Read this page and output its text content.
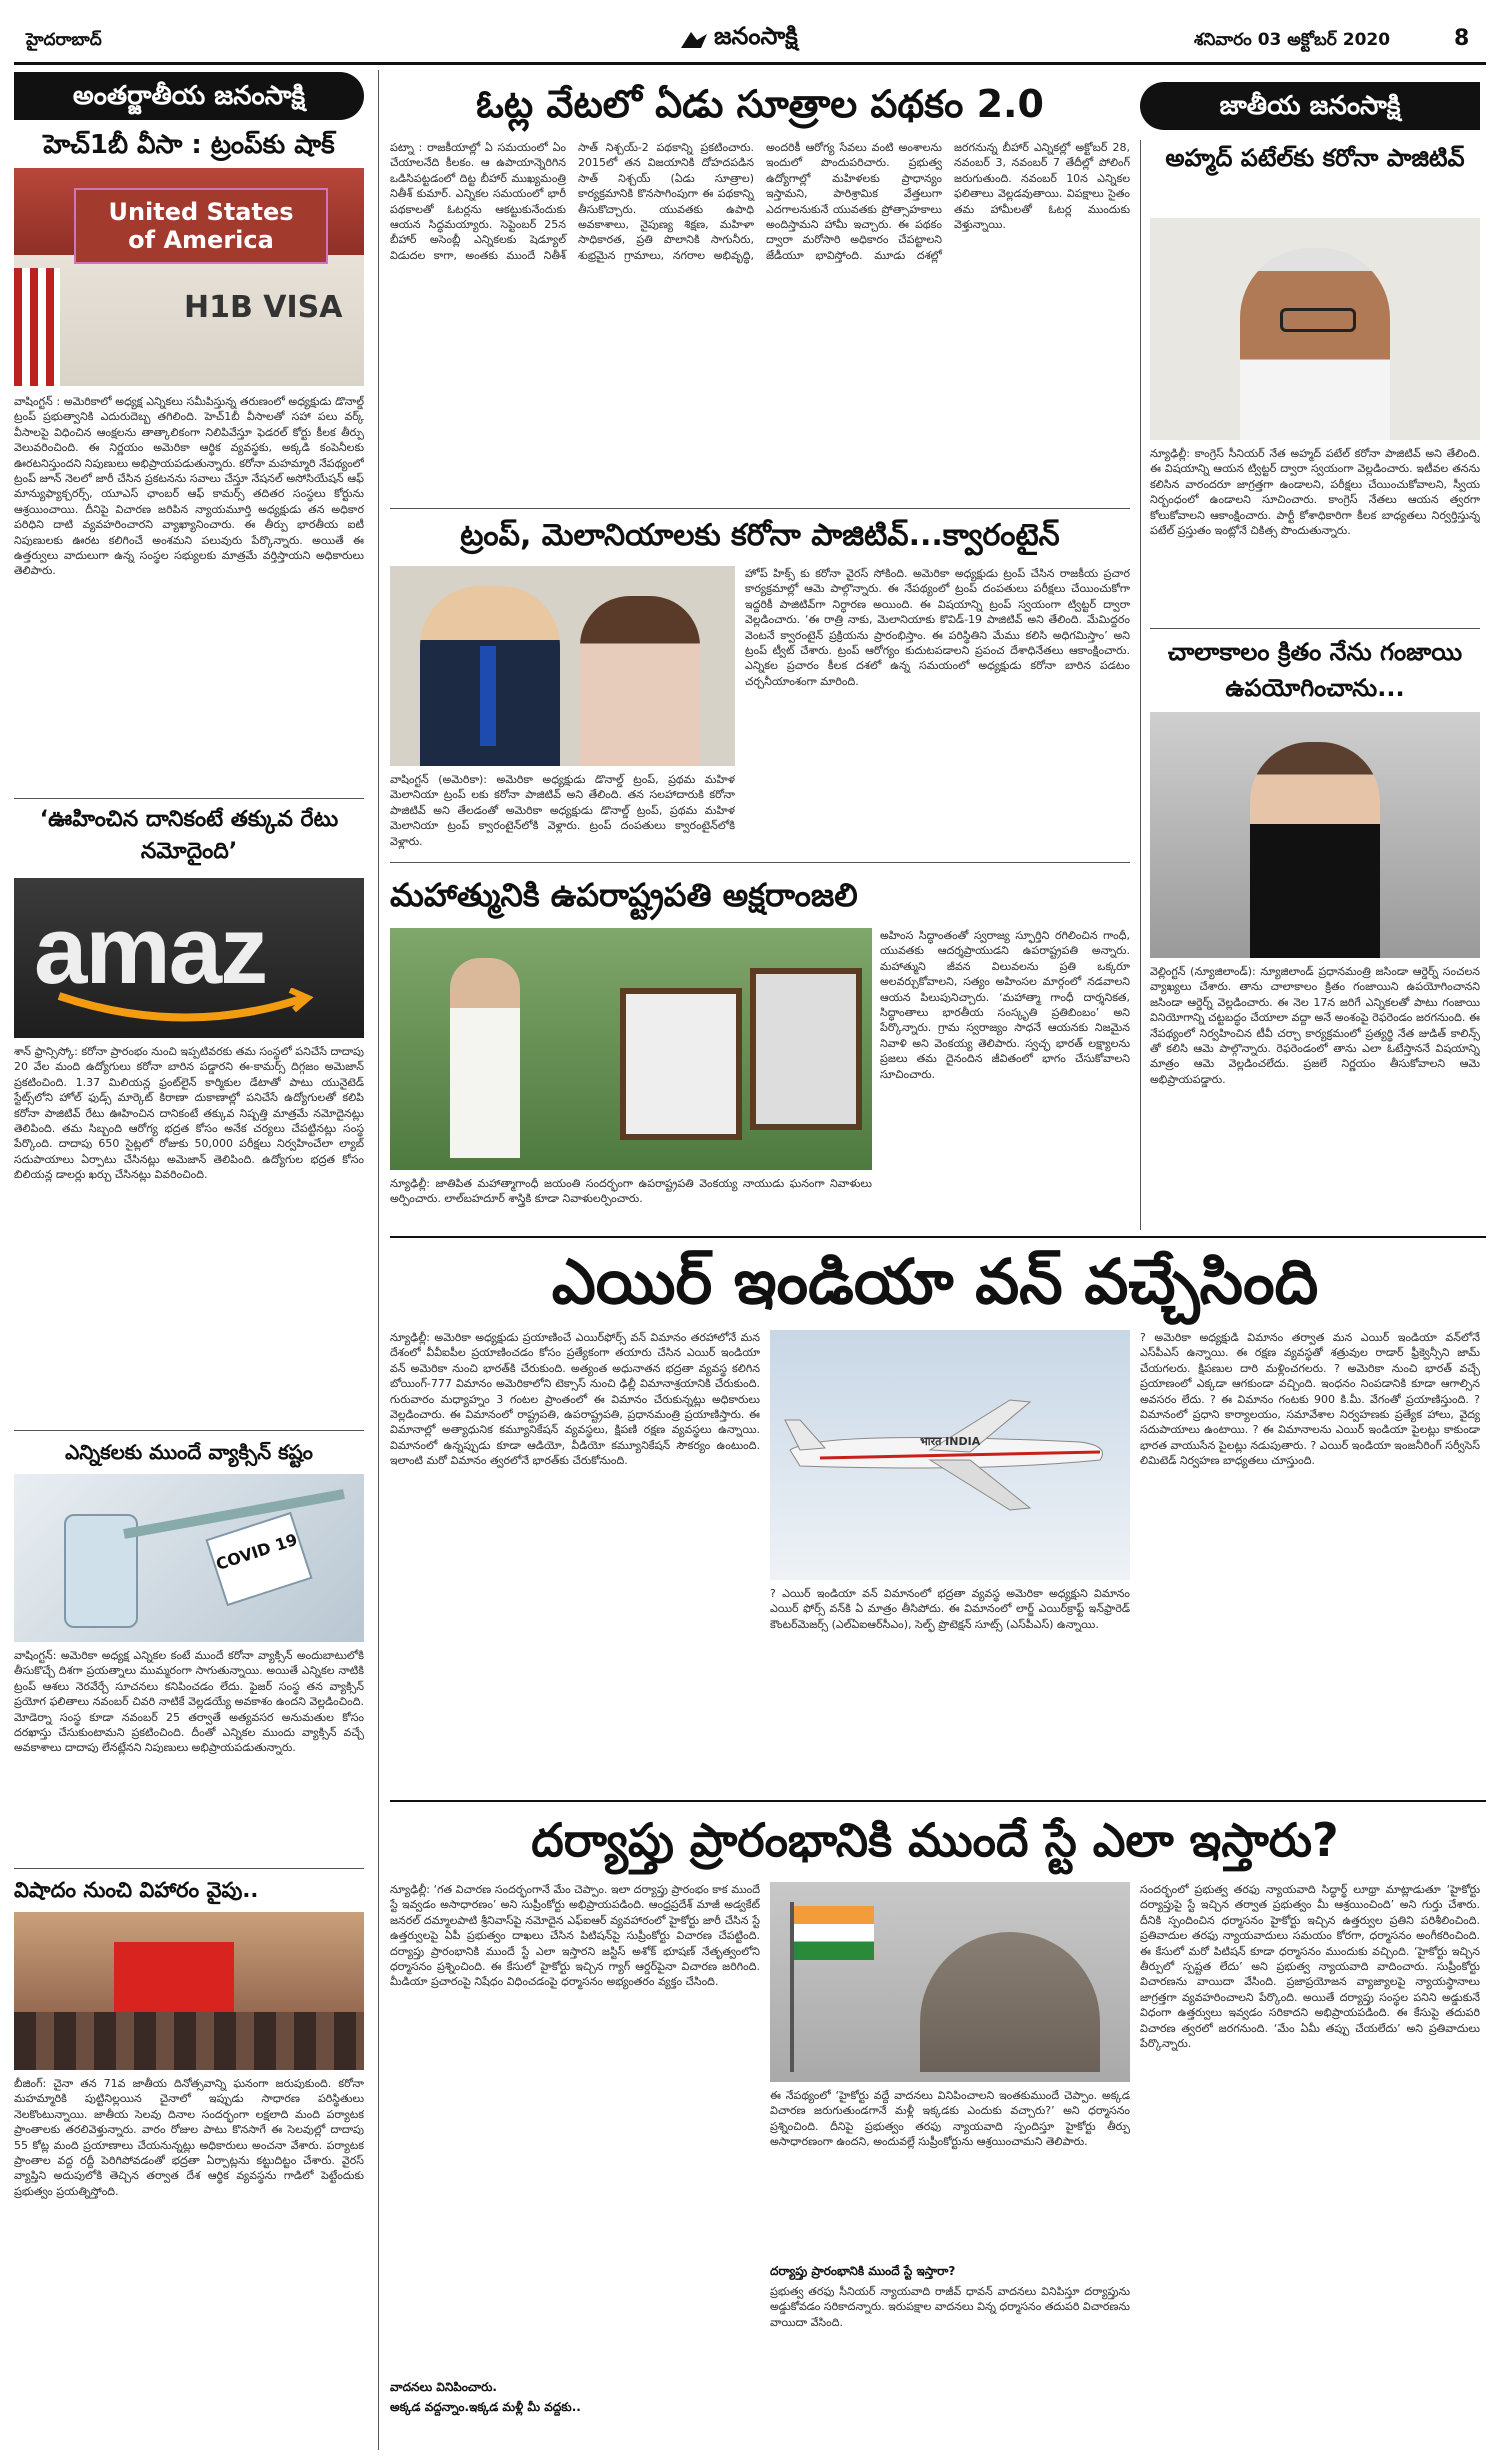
హైదరాబాద్	జనంసాక్షి	శనివారం 03 అక్టోబర్ 2020	8
అంతర్జాతీయ జనంసాక్షి	జాతీయ జనంసాక్షి
హెచ్1బీ వీసా : ట్రంప్‌కు షాక్
United States
of America
H1B VISA
వాషింగ్టన్‌ : అమెరికాలో అధ్యక్ష ఎన్నికలు సమీపిస్తున్న తరుణంలో అధ్యక్షుడు డొనాల్డ్‌ ట్రంప్‌ ప్రభుత్వానికి ఎదురుదెబ్బ తగిలింది. హెచ్‌1బీ వీసాలతో సహా పలు వర్క్‌ వీసాలపై విధించిన ఆంక్షలను తాత్కాలికంగా నిలిపివేస్తూ ఫెడరల్‌ కోర్టు కీలక తీర్పు వెలువరించింది. ఈ నిర్ణయం అమెరికా ఆర్థిక వ్యవస్థకు, అక్కడి కంపెనీలకు ఊరటనిస్తుందని నిపుణులు అభిప్రాయపడుతున్నారు. కరోనా మహమ్మారి నేపథ్యంలో ట్రంప్‌ జూన్‌ నెలలో జారీ చేసిన ప్రకటనను సవాలు చేస్తూ నేషనల్‌ అసోసియేషన్‌ ఆఫ్‌ మాన్యుఫ్యాక్చరర్స్‌, యూఎస్‌ ఛాంబర్‌ ఆఫ్‌ కామర్స్‌ తదితర సంస్థలు కోర్టును ఆశ్రయించాయి. దీనిపై విచారణ జరిపిన న్యాయమూర్తి అధ్యక్షుడు తన అధికార పరిధిని దాటి వ్యవహరించారని వ్యాఖ్యానించారు. ఈ తీర్పు భారతీయ ఐటీ నిపుణులకు ఊరట కలిగించే అంశమని పలువురు పేర్కొన్నారు. అయితే ఈ ఉత్తర్వులు వాదులుగా ఉన్న సంస్థల సభ్యులకు మాత్రమే వర్తిస్తాయని అధికారులు తెలిపారు.
‘ఊహించిన దానికంటే తక్కువ రేటు నమోదైంది’
amaz
శాన్‌ ఫ్రాన్సిస్కో: కరోనా ప్రారంభం నుంచి ఇప్పటివరకు తమ సంస్థలో పనిచేసే దాదాపు 20 వేల మంది ఉద్యోగులు కరోనా బారిన పడ్డారని ఈ-కామర్స్‌ దిగ్గజం అమెజాన్‌ ప్రకటించింది. 1.37 మిలియన్ల ఫ్రంట్‌లైన్‌ కార్మికుల డేటాతో పాటు యునైటెడ్‌ స్టేట్స్‌లోని హోల్‌ ఫుడ్స్‌ మార్కెట్‌ కిరాణా దుకాణాల్లో పనిచేసే ఉద్యోగులతో కలిపి కరోనా పాజిటివ్‌ రేటు ఊహించిన దానికంటే తక్కువ నిష్పత్తి మాత్రమే నమోదైనట్లు తెలిపింది. తమ సిబ్బంది ఆరోగ్య భద్రత కోసం అనేక చర్యలు చేపట్టినట్లు సంస్థ పేర్కొంది. దాదాపు 650 సైట్లలో రోజుకు 50,000 పరీక్షలు నిర్వహించేలా ల్యాబ్‌ సదుపాయాలు ఏర్పాటు చేసినట్లు అమెజాన్‌ తెలిపింది. ఉద్యోగుల భద్రత కోసం బిలియన్ల డాలర్లు ఖర్చు చేసినట్లు వివరించింది.
ఎన్నికలకు ముందే వ్యాక్సిన్‌ కష్టం
COVID 19
వాషింగ్టన్‌: అమెరికా అధ్యక్ష ఎన్నికల కంటే ముందే కరోనా వ్యాక్సిన్‌ అందుబాటులోకి తీసుకొచ్చే దిశగా ప్రయత్నాలు ముమ్మరంగా సాగుతున్నాయి. అయితే ఎన్నికల నాటికి ట్రంప్‌ ఆశలు నెరవేర్చే సూచనలు కనిపించడం లేదు. ఫైజర్‌ సంస్థ తన వ్యాక్సిన్‌ ప్రయోగ ఫలితాలు నవంబర్‌ చివరి నాటికే వెల్లడయ్యే అవకాశం ఉందని వెల్లడించింది. మోడెర్నా సంస్థ కూడా నవంబర్‌ 25 తర్వాతే అత్యవసర అనుమతుల కోసం దరఖాస్తు చేసుకుంటామని ప్రకటించింది. దీంతో ఎన్నికల ముందు వ్యాక్సిన్‌ వచ్చే అవకాశాలు దాదాపు లేనట్లేనని నిపుణులు అభిప్రాయపడుతున్నారు.
విషాదం నుంచి విహారం వైపు..
బీజింగ్‌: చైనా తన 71వ జాతీయ దినోత్సవాన్ని ఘనంగా జరుపుకుంది. కరోనా మహమ్మారికి పుట్టినిల్లయిన చైనాలో ఇప్పుడు సాధారణ పరిస్థితులు నెలకొంటున్నాయి. జాతీయ సెలవు దినాల సందర్భంగా లక్షలాది మంది పర్యాటక ప్రాంతాలకు తరలివెళ్తున్నారు. వారం రోజుల పాటు కొనసాగే ఈ సెలవుల్లో దాదాపు 55 కోట్ల మంది ప్రయాణాలు చేయనున్నట్లు అధికారులు అంచనా వేశారు. పర్యాటక ప్రాంతాల వద్ద రద్దీ పెరిగిపోవడంతో భద్రతా ఏర్పాట్లను కట్టుదిట్టం చేశారు. వైరస్‌ వ్యాప్తిని అదుపులోకి తెచ్చిన తర్వాత దేశ ఆర్థిక వ్యవస్థను గాడిలో పెట్టేందుకు ప్రభుత్వం ప్రయత్నిస్తోంది.
ఓట్ల వేటలో ఏడు సూత్రాల పథకం 2.0
పట్నా : రాజకీయాల్లో ఏ సమయంలో ఏం చేయాలనేది కీలకం. ఆ ఉపాయాన్నెరిగిన ఒడిసిపట్టడంలో దిట్ట బీహార్‌ ముఖ్యమంత్రి నితీశ్‌ కుమార్‌. ఎన్నికల సమయంలో భారీ పథకాలతో ఓటర్లను ఆకట్టుకునేందుకు ఆయన సిద్ధమయ్యారు. సెప్టెంబర్‌ 25న బీహార్‌ అసెంబ్లీ ఎన్నికలకు షెడ్యూల్‌ విడుదల కాగా, అంతకు ముందే నితీశ్‌ సాత్‌ నిశ్చయ్‌-2 పథకాన్ని ప్రకటించారు. 2015లో తన విజయానికి దోహదపడిన సాత్‌ నిశ్చయ్‌ (ఏడు సూత్రాల) కార్యక్రమానికి కొనసాగింపుగా ఈ పథకాన్ని తీసుకొచ్చారు. యువతకు ఉపాధి అవకాశాలు, నైపుణ్య శిక్షణ, మహిళా సాధికారత, ప్రతి పొలానికి సాగునీరు, శుభ్రమైన గ్రామాలు, నగరాల అభివృద్ధి, అందరికీ ఆరోగ్య సేవలు వంటి అంశాలను ఇందులో పొందుపరిచారు. ప్రభుత్వ ఉద్యోగాల్లో మహిళలకు ప్రాధాన్యం ఇస్తామని, పారిశ్రామిక వేత్తలుగా ఎదగాలనుకునే యువతకు ప్రోత్సాహకాలు అందిస్తామని హామీ ఇచ్చారు. ఈ పథకం ద్వారా మరోసారి అధికారం చేపట్టాలని జేడీయూ భావిస్తోంది. మూడు దశల్లో జరగనున్న బీహార్‌ ఎన్నికల్లో అక్టోబర్‌ 28, నవంబర్‌ 3, నవంబర్‌ 7 తేదీల్లో పోలింగ్‌ జరుగుతుంది. నవంబర్‌ 10న ఎన్నికల ఫలితాలు వెల్లడవుతాయి. విపక్షాలు సైతం తమ హామీలతో ఓటర్ల ముందుకు వెళ్తున్నాయి.
ట్రంప్‌, మెలానియాలకు కరోనా పాజిటివ్‌...క్వారంటైన్‌
హోప్‌ హిక్స్‌ కు కరోనా వైరస్‌ సోకింది. అమెరికా అధ్యక్షుడు ట్రంప్‌ చేసిన రాజకీయ ప్రచార కార్యక్రమాల్లో ఆమె పాల్గొన్నారు. ఈ నేపథ్యంలో ట్రంప్‌ దంపతులు పరీక్షలు చేయించుకోగా ఇద్దరికీ పాజిటివ్‌గా నిర్ధారణ అయింది. ఈ విషయాన్ని ట్రంప్‌ స్వయంగా ట్విట్టర్‌ ద్వారా వెల్లడించారు. ‘ఈ రాత్రి నాకు, మెలానియాకు కొవిడ్‌-19 పాజిటివ్‌ అని తేలింది. మేమిద్దరం వెంటనే క్వారంటైన్‌ ప్రక్రియను ప్రారంభిస్తాం. ఈ పరిస్థితిని మేము కలిసి అధిగమిస్తాం’ అని ట్రంప్‌ ట్వీట్‌ చేశారు. ట్రంప్‌ ఆరోగ్యం కుదుటపడాలని ప్రపంచ దేశాధినేతలు ఆకాంక్షించారు. ఎన్నికల ప్రచారం కీలక దశలో ఉన్న సమయంలో అధ్యక్షుడు కరోనా బారిన పడటం చర్చనీయాంశంగా మారింది.
వాషింగ్టన్‌ (అమెరికా): అమెరికా అధ్యక్షుడు డొనాల్డ్‌ ట్రంప్‌, ప్రథమ మహిళ మెలానియా ట్రంప్‌ లకు కరోనా పాజిటివ్‌ అని తేలింది. తన సలహాదారుకి కరోనా పాజిటివ్‌ అని తేలడంతో అమెరికా అధ్యక్షుడు డొనాల్డ్‌ ట్రంప్‌, ప్రథమ మహిళ మెలానియా ట్రంప్‌ క్వారంటైన్‌లోకి వెళ్లారు. ట్రంప్‌ దంపతులు క్వారంటైన్‌లోకి వెళ్లారు.
మహాత్మునికి ఉపరాష్ట్రపతి అక్షరాంజలి
న్యూఢిల్లీ: జాతిపిత మహాత్మాగాంధీ జయంతి సందర్భంగా ఉపరాష్ట్రపతి వెంకయ్య నాయుడు ఘనంగా నివాళులు అర్పించారు. లాల్‌బహదూర్‌ శాస్త్రికి కూడా నివాళులర్పించారు.
అహింస సిద్ధాంతంతో స్వరాజ్య స్ఫూర్తిని రగిలించిన గాంధీ, యువతకు ఆదర్శప్రాయుడని ఉపరాష్ట్రపతి అన్నారు. మహాత్ముని జీవన విలువలను ప్రతి ఒక్కరూ అలవర్చుకోవాలని, సత్యం అహింసల మార్గంలో నడవాలని ఆయన పిలుపునిచ్చారు. ‘మహాత్మా గాంధీ దార్శనికత, సిద్ధాంతాలు భారతీయ సంస్కృతి ప్రతిబింబం’ అని పేర్కొన్నారు. గ్రామ స్వరాజ్యం సాధనే ఆయనకు నిజమైన నివాళి అని వెంకయ్య తెలిపారు. స్వచ్ఛ భారత్‌ లక్ష్యాలను ప్రజలు తమ దైనందిన జీవితంలో భాగం చేసుకోవాలని సూచించారు.
అహ్మద్‌ పటేల్‌కు కరోనా పాజిటివ్‌
న్యూఢిల్లీ: కాంగ్రెస్‌ సీనియర్‌ నేత అహ్మద్‌ పటేల్‌ కరోనా పాజిటివ్‌ అని తేలింది. ఈ విషయాన్ని ఆయన ట్విట్టర్‌ ద్వారా స్వయంగా వెల్లడించారు. ఇటీవల తనను కలిసిన వారందరూ జాగ్రత్తగా ఉండాలని, పరీక్షలు చేయించుకోవాలని, స్వీయ నిర్బంధంలో ఉండాలని సూచించారు. కాంగ్రెస్‌ నేతలు ఆయన త్వరగా కోలుకోవాలని ఆకాంక్షించారు. పార్టీ కోశాధికారిగా కీలక బాధ్యతలు నిర్వర్తిస్తున్న పటేల్‌ ప్రస్తుతం ఇంట్లోనే చికిత్స పొందుతున్నారు.
చాలాకాలం క్రితం నేను గంజాయి ఉపయోగించాను...
వెల్లింగ్టన్‌ (న్యూజిలాండ్‌): న్యూజిలాండ్‌ ప్రధానమంత్రి జసిండా ఆర్డెర్న్‌ సంచలన వ్యాఖ్యలు చేశారు. తాను చాలాకాలం క్రితం గంజాయిని ఉపయోగించానని జసిండా ఆర్డెర్న్‌ వెల్లడించారు. ఈ నెల 17న జరిగే ఎన్నికలతో పాటు గంజాయి వినియోగాన్ని చట్టబద్ధం చేయాలా వద్దా అనే అంశంపై రెఫరెండం జరగనుంది. ఈ నేపథ్యంలో నిర్వహించిన టీవీ చర్చా కార్యక్రమంలో ప్రత్యర్థి నేత జుడిత్‌ కాలిన్స్‌ తో కలిసి ఆమె పాల్గొన్నారు. రెఫరెండంలో తాను ఎలా ఓటేస్తాననే విషయాన్ని మాత్రం ఆమె వెల్లడించలేదు. ప్రజలే నిర్ణయం తీసుకోవాలని ఆమె అభిప్రాయపడ్డారు.
ఎయిర్‌ ఇండియా వన్‌ వచ్చేసింది
న్యూఢిల్లీ: అమెరికా అధ్యక్షుడు ప్రయాణించే ఎయిర్‌ఫోర్స్‌ వన్‌ విమానం తరహాలోనే మన దేశంలో వీవీఐపీల ప్రయాణించడం కోసం ప్రత్యేకంగా తయారు చేసిన ఎయిర్‌ ఇండియా వన్‌ అమెరికా నుంచి భారత్‌కి చేరుకుంది. అత్యంత అధునాతన భద్రతా వ్యవస్థ కలిగిన బోయింగ్‌-777 విమానం అమెరికాలోని టెక్సాస్‌ నుంచి ఢిల్లీ విమానాశ్రయానికి చేరుకుంది. గురువారం మధ్యాహ్నం 3 గంటల ప్రాంతంలో ఈ విమానం చేరుకున్నట్లు అధికారులు వెల్లడించారు. ఈ విమానంలో రాష్ట్రపతి, ఉపరాష్ట్రపతి, ప్రధానమంత్రి ప్రయాణిస్తారు. ఈ విమానాల్లో అత్యాధునిక కమ్యూనికేషన్‌ వ్యవస్థలు, క్షిపణి రక్షణ వ్యవస్థలు ఉన్నాయి. విమానంలో ఉన్నప్పుడు కూడా ఆడియో, వీడియో కమ్యూనికేషన్‌ సౌకర్యం ఉంటుంది. ఇలాంటి మరో విమానం త్వరలోనే భారత్‌కు చేరుకోనుంది.
भारत INDIA
? ఎయిర్‌ ఇండియా వన్‌ విమానంలో భద్రతా వ్యవస్థ అమెరికా అధ్యక్షుని విమానం ఎయిర్‌ ఫోర్స్‌ వన్‌కి ఏ మాత్రం తీసిపోదు. ఈ విమానంలో లార్జ్‌ ఎయిర్‌క్రాఫ్ట్‌ ఇన్‌ఫ్రారెడ్‌ కౌంటర్‌మెజర్స్‌ (ఎల్‌ఏఐఆర్‌సీఎం), సెల్ఫ్‌ ప్రొటెక్షన్‌ సూట్స్‌ (ఎస్‌పీఎస్‌) ఉన్నాయి.
? అమెరికా అధ్యక్షుడి విమానం తర్వాత మన ఎయిర్‌ ఇండియా వన్‌లోనే ఎస్‌పీఎస్‌ ఉన్నాయి. ఈ రక్షణ వ్యవస్థతో శత్రువుల రాడార్‌ ఫ్రీక్వెన్సీని జామ్‌ చేయగలరు. క్షిపణుల దారి మళ్లించగలరు. ? అమెరికా నుంచి భారత్‌ వచ్చే ప్రయాణంలో ఎక్కడా ఆగకుండా వచ్చింది. ఇంధనం నింపడానికి కూడా ఆగాల్సిన అవసరం లేదు. ? ఈ విమానం గంటకు 900 కి.మీ. వేగంతో ప్రయాణిస్తుంది. ? విమానంలో ప్రధాని కార్యాలయం, సమావేశాల నిర్వహణకు ప్రత్యేక హాలు, వైద్య సదుపాయాలు ఉంటాయి. ? ఈ విమానాలను ఎయిర్‌ ఇండియా పైలట్లు కాకుండా భారత వాయుసేన పైలట్లు నడుపుతారు. ? ఎయిర్‌ ఇండియా ఇంజనీరింగ్‌ సర్వీసెస్‌ లిమిటెడ్‌ నిర్వహణ బాధ్యతలు చూస్తుంది.
దర్యాప్తు ప్రారంభానికి ముందే స్టే ఎలా ఇస్తారు?
న్యూఢిల్లీ: ‘గత విచారణ సందర్భంగానే మేం చెప్పాం. ఇలా దర్యాప్తు ప్రారంభం కాక ముందే స్టే ఇవ్వడం అసాధారణం’ అని సుప్రీంకోర్టు అభిప్రాయపడింది. ఆంధ్రప్రదేశ్‌ మాజీ అడ్వకేట్‌ జనరల్‌ దమ్మాలపాటి శ్రీనివాస్‌పై నమోదైన ఎఫ్‌ఐఆర్‌ వ్యవహారంలో హైకోర్టు జారీ చేసిన స్టే ఉత్తర్వులపై ఏపీ ప్రభుత్వం దాఖలు చేసిన పిటిషన్‌పై సుప్రీంకోర్టు విచారణ చేపట్టింది. దర్యాప్తు ప్రారంభానికి ముందే స్టే ఎలా ఇస్తారని జస్టిస్‌ అశోక్‌ భూషణ్‌ నేతృత్వంలోని ధర్మాసనం ప్రశ్నించింది. ఈ కేసులో హైకోర్టు ఇచ్చిన గ్యాగ్‌ ఆర్డర్‌పైనా విచారణ జరిగింది. మీడియా ప్రచారంపై నిషేధం విధించడంపై ధర్మాసనం అభ్యంతరం వ్యక్తం చేసింది.
వాదనలు వినిపించారు.
అక్కడ వద్దన్నాం.ఇక్కడ మళ్లీ మీ వద్దకు..
ఈ నేపథ్యంలో ‘హైకోర్టు వద్దే వాదనలు వినిపించాలని ఇంతకుముందే చెప్పాం. అక్కడ విచారణ జరుగుతుండగానే మళ్లీ ఇక్కడకు ఎందుకు వచ్చారు?’ అని ధర్మాసనం ప్రశ్నించింది. దీనిపై ప్రభుత్వం తరఫు న్యాయవాది స్పందిస్తూ హైకోర్టు తీర్పు అసాధారణంగా ఉందని, అందువల్లే సుప్రీంకోర్టును ఆశ్రయించామని తెలిపారు.
దర్యాప్తు ప్రారంభానికి ముందే స్టే ఇస్తారా?
ప్రభుత్వ తరఫు సీనియర్‌ న్యాయవాది రాజీవ్‌ ధావన్‌ వాదనలు వినిపిస్తూ దర్యాప్తును అడ్డుకోవడం సరికాదన్నారు. ఇరుపక్షాల వాదనలు విన్న ధర్మాసనం తదుపరి విచారణను వాయిదా వేసింది.
సందర్భంలో ప్రభుత్వ తరఫు న్యాయవాది సిద్ధార్థ్‌ లూథ్రా మాట్లాడుతూ ‘హైకోర్టు దర్యాప్తుపై స్టే ఇచ్చిన తర్వాత ప్రభుత్వం మీ ఆశ్రయించింది’ అని గుర్తు చేశారు. దీనికి స్పందించిన ధర్మాసనం హైకోర్టు ఇచ్చిన ఉత్తర్వుల ప్రతిని పరిశీలించింది. ప్రతివాదుల తరఫు న్యాయవాదులు సమయం కోరగా, ధర్మాసనం అంగీకరించింది. ఈ కేసులో మరో పిటిషన్‌ కూడా ధర్మాసనం ముందుకు వచ్చింది. ‘హైకోర్టు ఇచ్చిన తీర్పులో స్పష్టత లేదు’ అని ప్రభుత్వ న్యాయవాది వాదించారు. సుప్రీంకోర్టు విచారణను వాయిదా వేసింది. ప్రజాప్రయోజన వ్యాజ్యాలపై న్యాయస్థానాలు జాగ్రత్తగా వ్యవహరించాలని పేర్కొంది. అయితే దర్యాప్తు సంస్థల పనిని అడ్డుకునే విధంగా ఉత్తర్వులు ఇవ్వడం సరికాదని అభిప్రాయపడింది. ఈ కేసుపై తదుపరి విచారణ త్వరలో జరగనుంది. ‘మేం ఏమీ తప్పు చేయలేదు’ అని ప్రతివాదులు పేర్కొన్నారు.
